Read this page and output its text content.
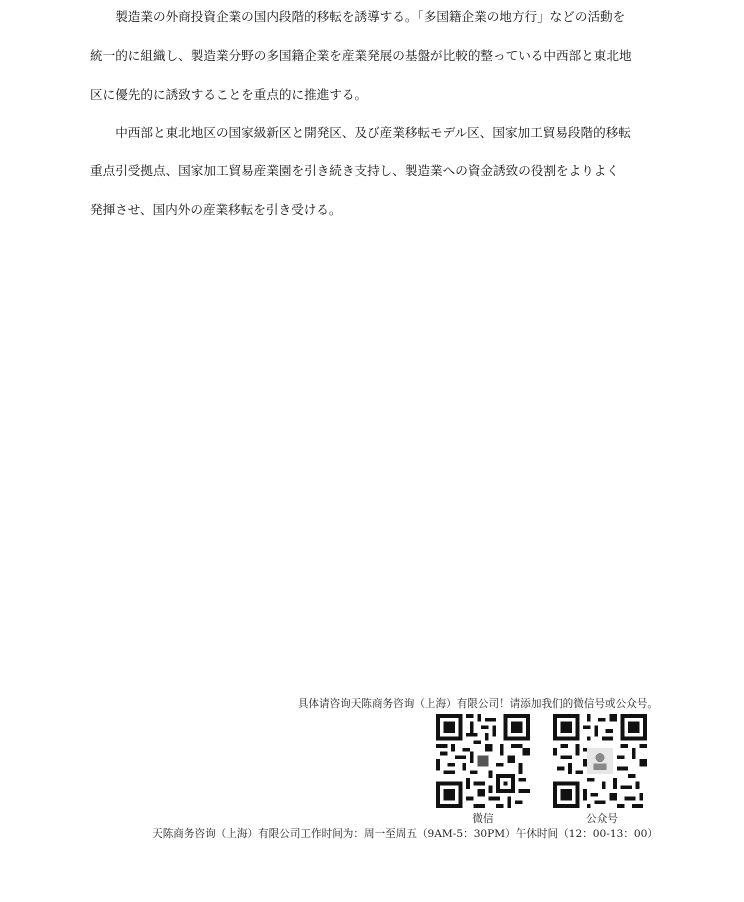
　　製造業の外商投資企業の国内段階的移転を誘導する。「多国籍企業の地方行」などの活動を
統一的に組織し、製造業分野の多国籍企業を産業発展の基盤が比較的整っている中西部と東北地
区に優先的に誘致することを重点的に推進する。
　　中西部と東北地区の国家級新区と開発区、及び産業移転モデル区、国家加工貿易段階的移転
重点引受拠点、国家加工貿易産業園を引き続き支持し、製造業への資金誘致の役割をよりよく
発揮させ、国内外の産業移転を引き受ける。
具体请咨询天陈商务咨询（上海）有限公司！请添加我们的微信号或公众号。
微信	公众号
天陈商务咨询（上海）有限公司工作时间为：周一至周五（9AM-5：30PM）午休时间（12：00-13：00）
